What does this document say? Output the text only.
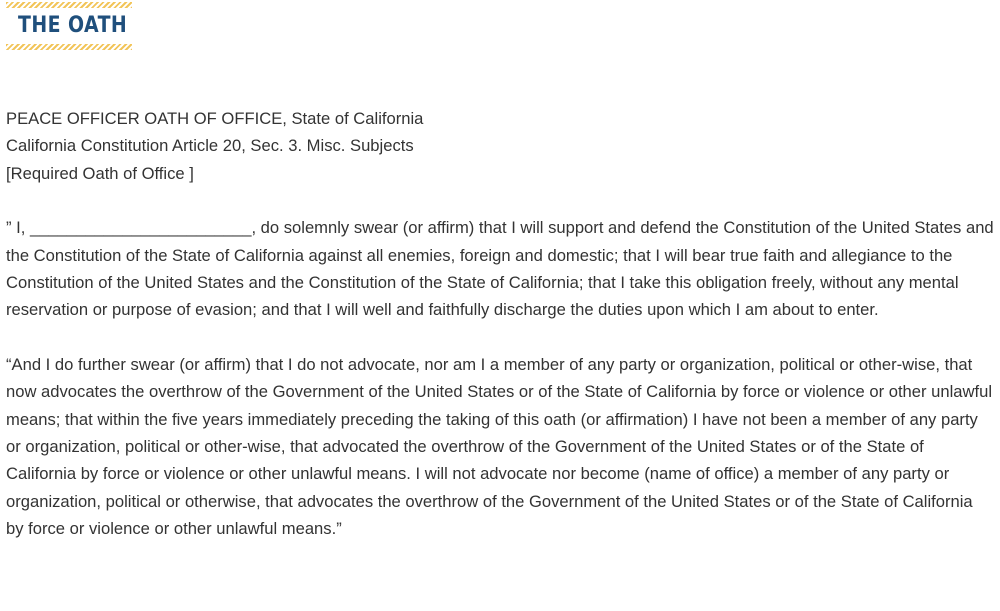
THE OATH

PEACE OFFICER OATH OF OFFICE, State of California
California Constitution Article 20, Sec. 3. Misc. Subjects
[Required Oath of Office ]

” I, ________________________, do solemnly swear (or affirm) that I will support and defend the Constitution of the United States and the Constitution of the State of California against all enemies, foreign and domestic; that I will bear true faith and allegiance to the Constitution of the United States and the Constitution of the State of California; that I take this obligation freely, without any mental reservation or purpose of evasion; and that I will well and faithfully discharge the duties upon which I am about to enter.

“And I do further swear (or affirm) that I do not advocate, nor am I a member of any party or organization, political or other-wise, that now advocates the overthrow of the Government of the United States or of the State of California by force or violence or other unlawful means; that within the five years immediately preceding the taking of this oath (or affirmation) I have not been a member of any party or organization, political or other-wise, that advocated the overthrow of the Government of the United States or of the State of California by force or violence or other unlawful means. I will not advocate nor become (name of office) a member of any party or organization, political or otherwise, that advocates the overthrow of the Government of the United States or of the State of California by force or violence or other unlawful means.”
